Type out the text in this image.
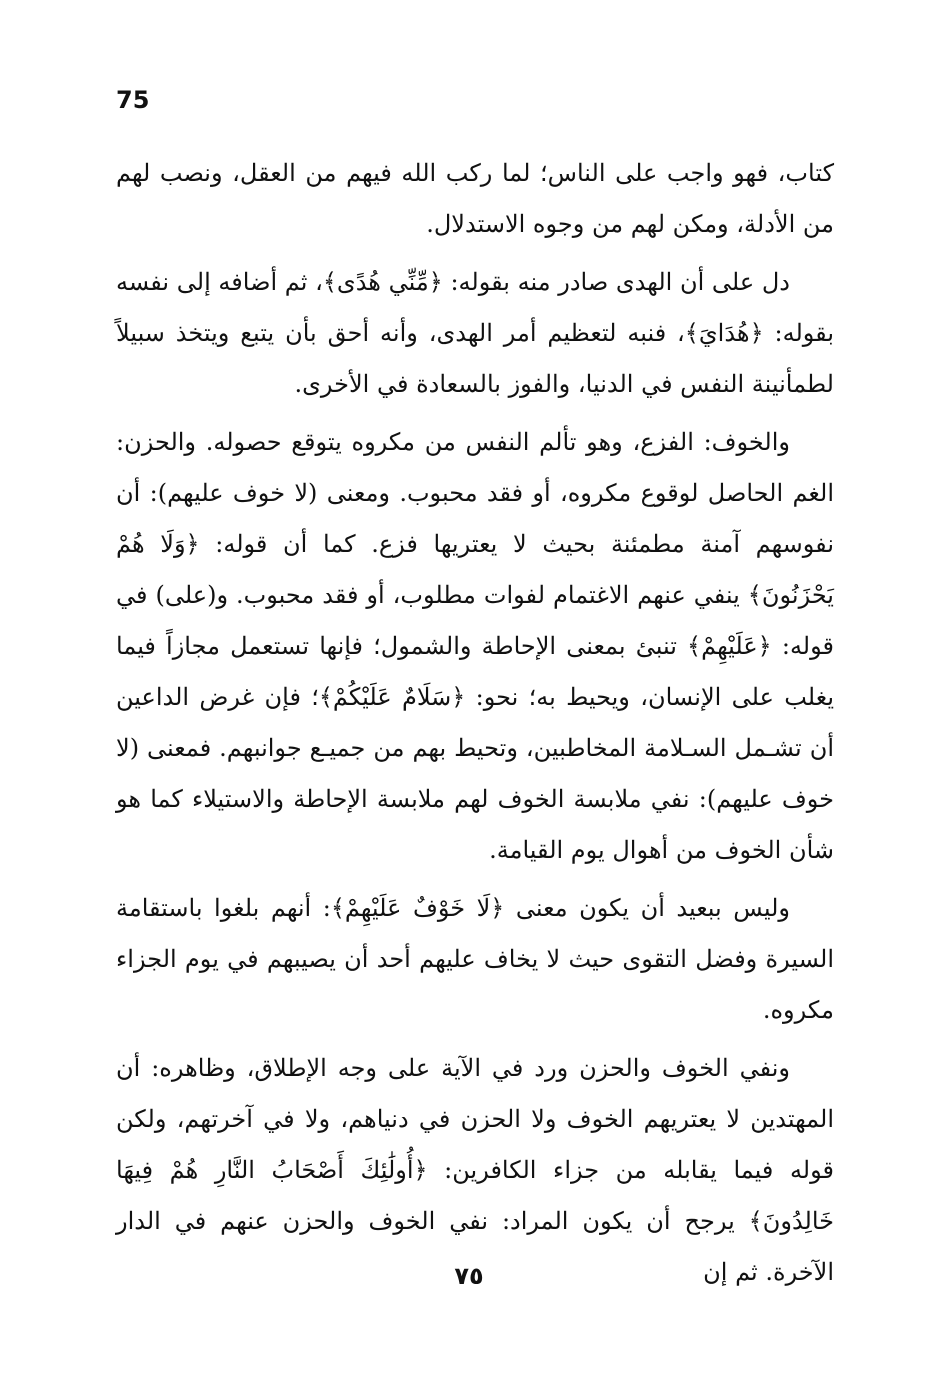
75

كتاب، فهو واجب على الناس؛ لما ركب الله فيهم من العقل، ونصب لهم من الأدلة، ومكن لهم من وجوه الاستدلال.

دل على أن الهدى صادر منه بقوله: ﴿مِّنِّي هُدًى﴾، ثم أضافه إلى نفسه بقوله: ﴿هُدَايَ﴾، فنبه لتعظيم أمر الهدى، وأنه أحق بأن يتبع ويتخذ سبيلاً لطمأنينة النفس في الدنيا، والفوز بالسعادة في الأخرى.

والخوف: الفزع، وهو تألم النفس من مكروه يتوقع حصوله. والحزن: الغم الحاصل لوقوع مكروه، أو فقد محبوب. ومعنى (لا خوف عليهم): أن نفوسهم آمنة مطمئنة بحيث لا يعتريها فزع. كما أن قوله: ﴿وَلَا هُمْ يَحْزَنُونَ﴾ ينفي عنهم الاغتمام لفوات مطلوب، أو فقد محبوب. و(على) في قوله: ﴿عَلَيْهِمْ﴾ تنبئ بمعنى الإحاطة والشمول؛ فإنها تستعمل مجازاً فيما يغلب على الإنسان، ويحيط به؛ نحو: ﴿سَلَامٌ عَلَيْكُمْ﴾؛ فإن غرض الداعين أن تشـمل السـلامة المخاطبين، وتحيط بهم من جميـع جوانبهم. فمعنى (لا خوف عليهم): نفي ملابسة الخوف لهم ملابسة الإحاطة والاستيلاء كما هو شأن الخوف من أهوال يوم القيامة.

وليس ببعيد أن يكون معنى ﴿لَا خَوْفٌ عَلَيْهِمْ﴾: أنهم بلغوا باستقامة السيرة وفضل التقوى حيث لا يخاف عليهم أحد أن يصيبهم في يوم الجزاء مكروه.

ونفي الخوف والحزن ورد في الآية على وجه الإطلاق، وظاهره: أن المهتدين لا يعتريهم الخوف ولا الحزن في دنياهم، ولا في آخرتهم، ولكن قوله فيما يقابله من جزاء الكافرين: ﴿أُولَٰئِكَ أَصْحَابُ النَّارِ هُمْ فِيهَا خَالِدُونَ﴾ يرجح أن يكون المراد: نفي الخوف والحزن عنهم في الدار الآخرة. ثم إن

٧٥
